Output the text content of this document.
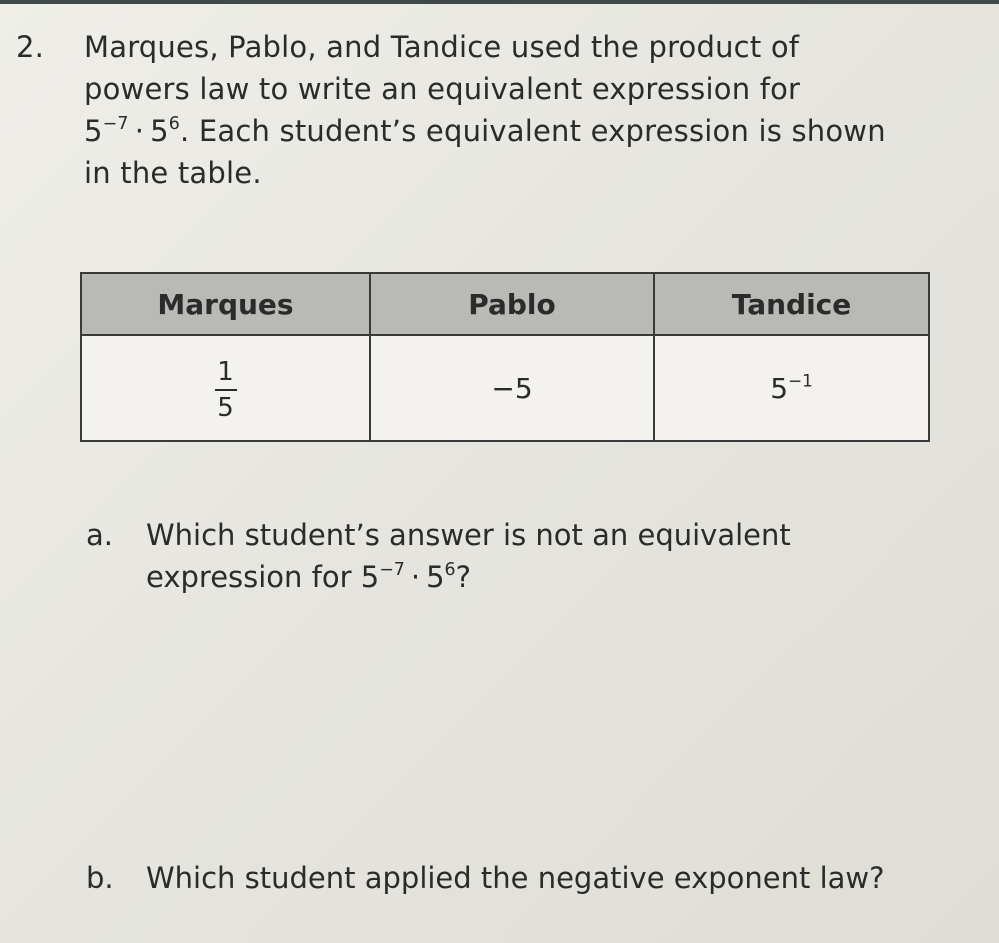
2. Marques, Pablo, and Tandice used the product of
powers law to write an equivalent expression for
$5^{-7} \cdot 5^6$. Each student’s equivalent expression is shown
in the table.
Marques	Pablo	Tandice

$\frac{1}{5}$	−5	$5^{-1}$
a. Which student’s answer is not an equivalent
expression for $5^{-7} \cdot 5^6$?
b. Which student applied the negative exponent law?
